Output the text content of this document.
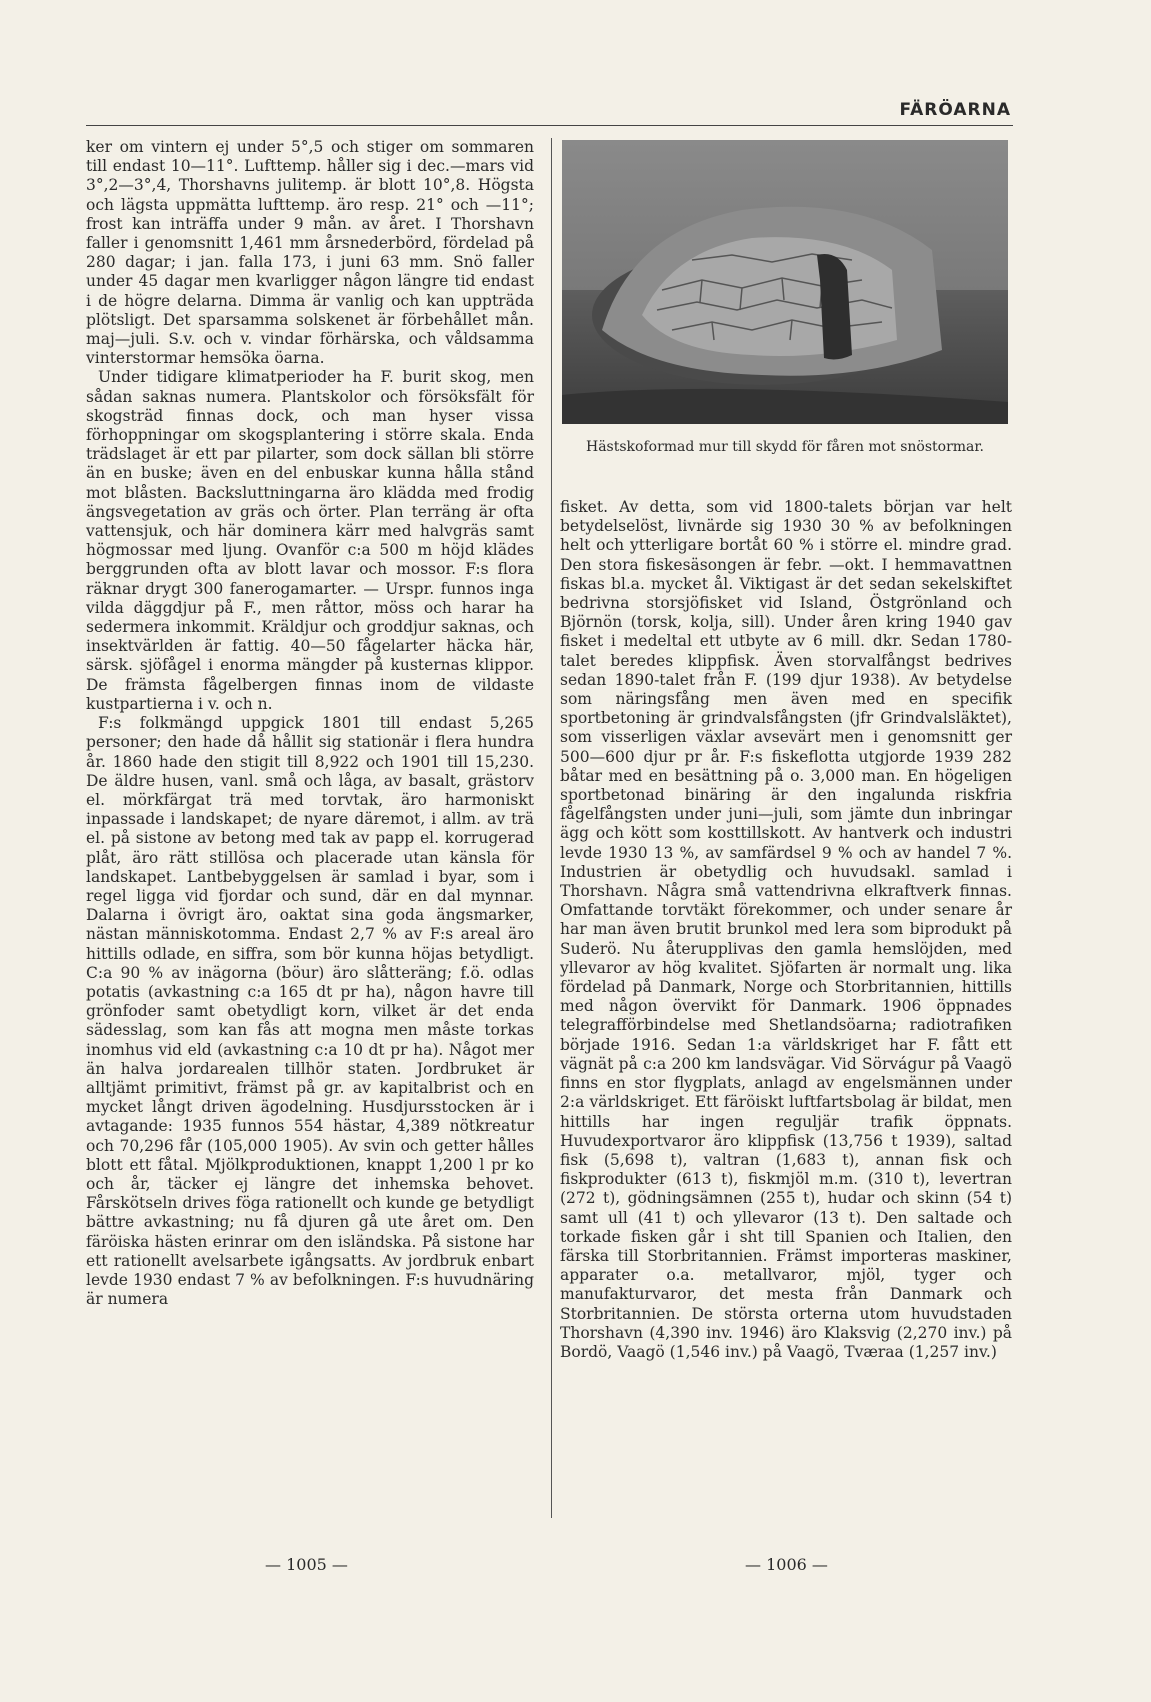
FÄRÖARNA

ker om vintern ej under 5°,5 och stiger om sommaren till endast 10—11°. Lufttemp. håller sig i dec.—mars vid 3°,2—3°,4, Thorshavns julitemp. är blott 10°,8. Högsta och lägsta uppmätta lufttemp. äro resp. 21° och —11°; frost kan inträffa under 9 mån. av året. I Thorshavn faller i genomsnitt 1,461 mm årsnederbörd, fördelad på 280 dagar; i jan. falla 173, i juni 63 mm. Snö faller under 45 dagar men kvarligger någon längre tid endast i de högre delarna. Dimma är vanlig och kan uppträda plötsligt. Det sparsamma solskenet är förbehållet mån. maj—juli. S.v. och v. vindar förhärska, och våldsamma vinterstormar hemsöka öarna.

Under tidigare klimatperioder ha F. burit skog, men sådan saknas numera. Plantskolor och försöksfält för skogsträd finnas dock, och man hyser vissa förhoppningar om skogsplantering i större skala. Enda trädslaget är ett par pilarter, som dock sällan bli större än en buske; även en del enbuskar kunna hålla stånd mot blåsten. Backsluttningarna äro klädda med frodig ängsvegetation av gräs och örter. Plan terräng är ofta vattensjuk, och här dominera kärr med halvgräs samt högmossar med ljung. Ovanför c:a 500 m höjd klädes berggrunden ofta av blott lavar och mossor. F:s flora räknar drygt 300 fanerogamarter. — Urspr. funnos inga vilda däggdjur på F., men råttor, möss och harar ha sedermera inkommit. Kräldjur och groddjur saknas, och insektvärlden är fattig. 40—50 fågelarter häcka här, särsk. sjöfågel i enorma mängder på kusternas klippor. De främsta fågelbergen finnas inom de vildaste kustpartierna i v. och n.

F:s folkmängd uppgick 1801 till endast 5,265 personer; den hade då hållit sig stationär i flera hundra år. 1860 hade den stigit till 8,922 och 1901 till 15,230. De äldre husen, vanl. små och låga, av basalt, grästorv el. mörkfärgat trä med torvtak, äro harmoniskt inpassade i landskapet; de nyare däremot, i allm. av trä el. på sistone av betong med tak av papp el. korrugerad plåt, äro rätt stillösa och placerade utan känsla för landskapet. Lantbebyggelsen är samlad i byar, som i regel ligga vid fjordar och sund, där en dal mynnar. Dalarna i övrigt äro, oaktat sina goda ängsmarker, nästan människotomma. Endast 2,7 % av F:s areal äro hittills odlade, en siffra, som bör kunna höjas betydligt. C:a 90 % av inägorna (böur) äro slåtteräng; f.ö. odlas potatis (avkastning c:a 165 dt pr ha), någon havre till grönfoder samt obetydligt korn, vilket är det enda sädesslag, som kan fås att mogna men måste torkas inomhus vid eld (avkastning c:a 10 dt pr ha). Något mer än halva jordarealen tillhör staten. Jordbruket är alltjämt primitivt, främst på gr. av kapitalbrist och en mycket långt driven ägodelning. Husdjursstocken är i avtagande: 1935 funnos 554 hästar, 4,389 nötkreatur och 70,296 får (105,000 1905). Av svin och getter hålles blott ett fåtal. Mjölkproduktionen, knappt 1,200 l pr ko och år, täcker ej längre det inhemska behovet. Fårskötseln drives föga rationellt och kunde ge betydligt bättre avkastning; nu få djuren gå ute året om. Den färöiska hästen erinrar om den isländska. På sistone har ett rationellt avelsarbete igångsatts. Av jordbruk enbart levde 1930 endast 7 % av befolkningen. F:s huvudnäring är numera

Hästskoformad mur till skydd för fåren mot snöstormar.

fisket. Av detta, som vid 1800-talets början var helt betydelselöst, livnärde sig 1930 30 % av befolkningen helt och ytterligare bortåt 60 % i större el. mindre grad. Den stora fiskesäsongen är febr. —okt. I hemmavattnen fiskas bl.a. mycket ål. Viktigast är det sedan sekelskiftet bedrivna storsjöfisket vid Island, Östgrönland och Björnön (torsk, kolja, sill). Under åren kring 1940 gav fisket i medeltal ett utbyte av 6 mill. dkr. Sedan 1780-talet beredes klippfisk. Även storvalfångst bedrives sedan 1890-talet från F. (199 djur 1938). Av betydelse som näringsfång men även med en specifik sportbetoning är grindvalsfångsten (jfr Grindvalsläktet), som visserligen växlar avsevärt men i genomsnitt ger 500—600 djur pr år. F:s fiskeflotta utgjorde 1939 282 båtar med en besättning på o. 3,000 man. En högeligen sportbetonad binäring är den ingalunda riskfria fågelfångsten under juni—juli, som jämte dun inbringar ägg och kött som kosttillskott. Av hantverk och industri levde 1930 13 %, av samfärdsel 9 % och av handel 7 %. Industrien är obetydlig och huvudsakl. samlad i Thorshavn. Några små vattendrivna elkraftverk finnas. Omfattande torvtäkt förekommer, och under senare år har man även brutit brunkol med lera som biprodukt på Suderö. Nu återupplivas den gamla hemslöjden, med yllevaror av hög kvalitet. Sjöfarten är normalt ung. lika fördelad på Danmark, Norge och Storbritannien, hittills med någon övervikt för Danmark. 1906 öppnades telegrafförbindelse med Shetlandsöarna; radiotrafiken började 1916. Sedan 1:a världskriget har F. fått ett vägnät på c:a 200 km landsvägar. Vid Sörvágur på Vaagö finns en stor flygplats, anlagd av engelsmännen under 2:a världskriget. Ett färöiskt luftfartsbolag är bildat, men hittills har ingen reguljär trafik öppnats. Huvudexportvaror äro klippfisk (13,756 t 1939), saltad fisk (5,698 t), valtran (1,683 t), annan fisk och fiskprodukter (613 t), fiskmjöl m.m. (310 t), levertran (272 t), gödningsämnen (255 t), hudar och skinn (54 t) samt ull (41 t) och yllevaror (13 t). Den saltade och torkade fisken går i sht till Spanien och Italien, den färska till Storbritannien. Främst importeras maskiner, apparater o.a. metallvaror, mjöl, tyger och manufakturvaror, det mesta från Danmark och Storbritannien. De största orterna utom huvudstaden Thorshavn (4,390 inv. 1946) äro Klaksvig (2,270 inv.) på Bordö, Vaagö (1,546 inv.) på Vaagö, Tværaa (1,257 inv.)

— 1005 —	— 1006 —
